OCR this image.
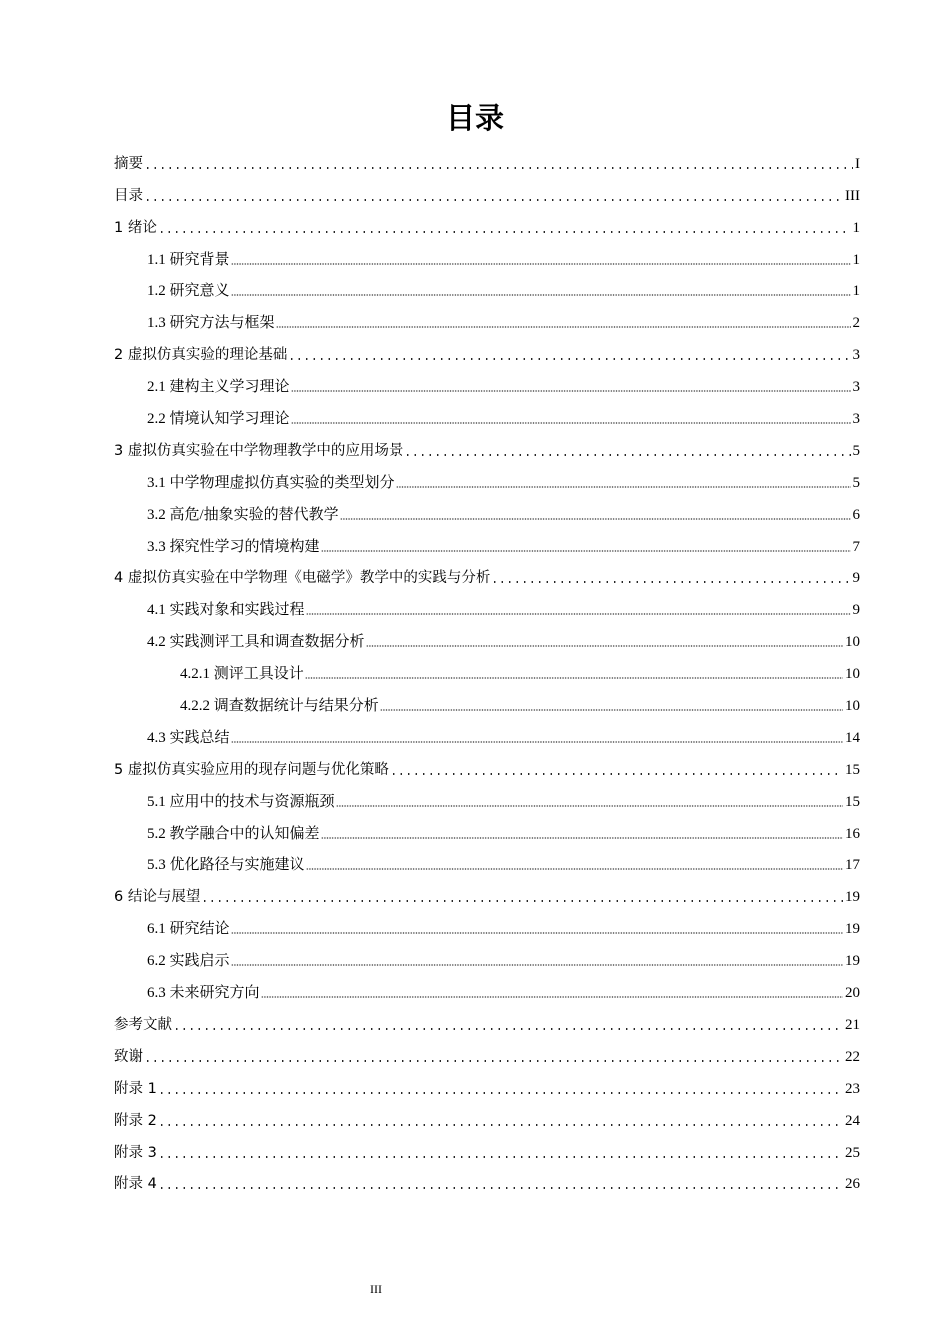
目录
摘要	I
目录	III
1 绪论	1
1.1 研究背景	1
1.2 研究意义	1
1.3 研究方法与框架	2
2 虚拟仿真实验的理论基础	3
2.1 建构主义学习理论	3
2.2 情境认知学习理论	3
3 虚拟仿真实验在中学物理教学中的应用场景	5
3.1 中学物理虚拟仿真实验的类型划分	5
3.2 高危/抽象实验的替代教学	6
3.3 探究性学习的情境构建	7
4 虚拟仿真实验在中学物理《电磁学》教学中的实践与分析	9
4.1 实践对象和实践过程	9
4.2 实践测评工具和调查数据分析	10
4.2.1 测评工具设计	10
4.2.2 调查数据统计与结果分析	10
4.3 实践总结	14
5 虚拟仿真实验应用的现存问题与优化策略	15
5.1 应用中的技术与资源瓶颈	15
5.2 教学融合中的认知偏差	16
5.3 优化路径与实施建议	17
6 结论与展望	19
6.1 研究结论	19
6.2 实践启示	19
6.3 未来研究方向	20
参考文献	21
致谢	22
附录 1	23
附录 2	24
附录 3	25
附录 4	26
III
